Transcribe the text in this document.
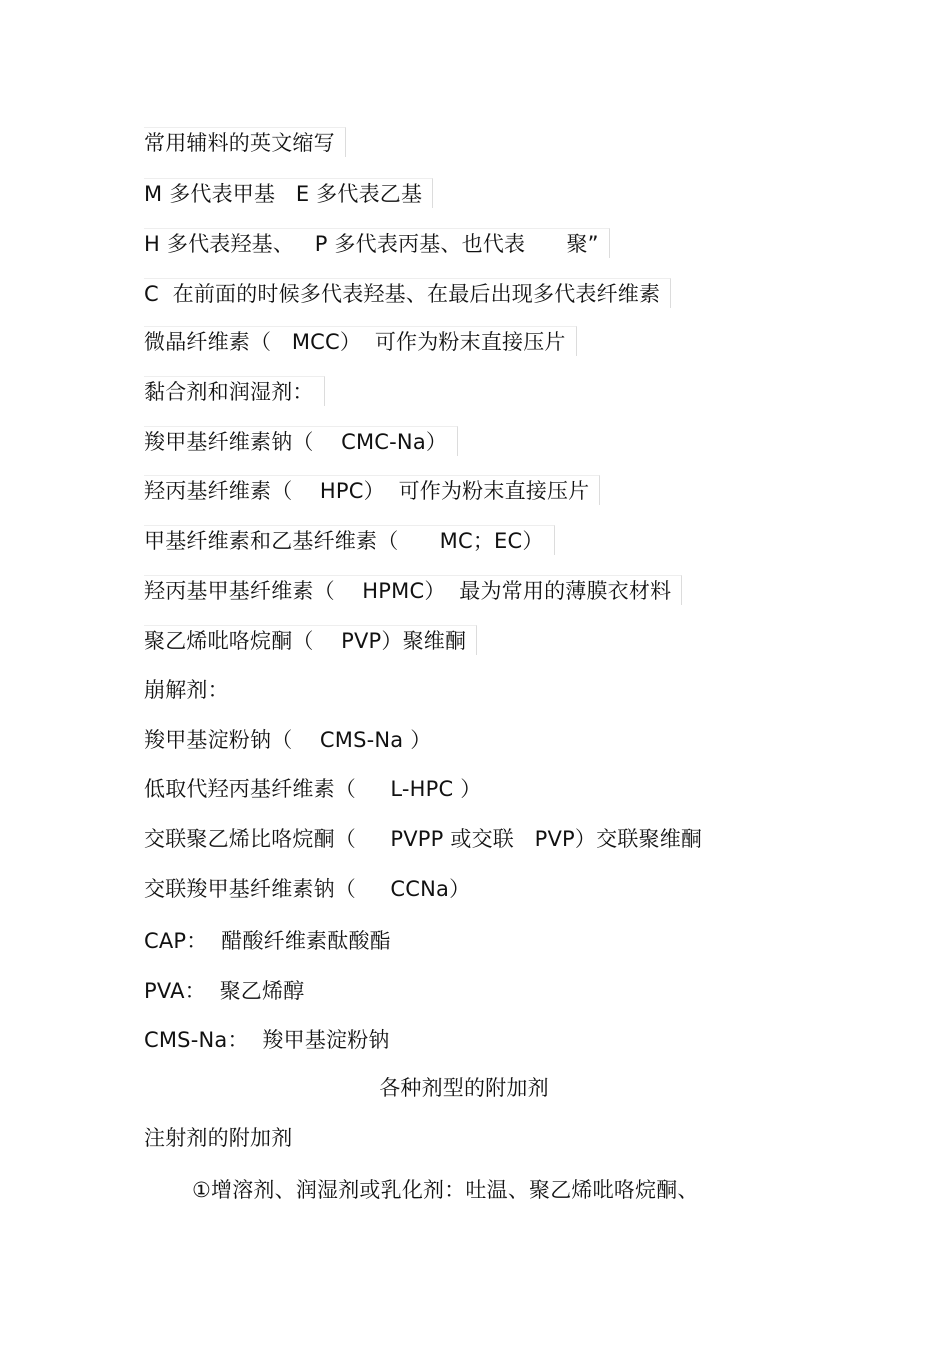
常用辅料的英文缩写
M 多代表甲基   E 多代表乙基
H 多代表羟基、   P 多代表丙基、也代表      聚”
C  在前面的时候多代表羟基、在最后出现多代表纤维素
微晶纤维素（   MCC）  可作为粉末直接压片
黏合剂和润湿剂：
羧甲基纤维素钠（    CMC-Na）
羟丙基纤维素（    HPC）  可作为粉末直接压片
甲基纤维素和乙基纤维素（      MC；EC）
羟丙基甲基纤维素（    HPMC）  最为常用的薄膜衣材料
聚乙烯吡咯烷酮（    PVP）聚维酮
崩解剂：
羧甲基淀粉钠（    CMS-Na ）
低取代羟丙基纤维素（     L-HPC ）
交联聚乙烯比咯烷酮（     PVPP 或交联   PVP）交联聚维酮
交联羧甲基纤维素钠（     CCNa）
CAP：  醋酸纤维素酞酸酯
PVA：  聚乙烯醇
CMS-Na：  羧甲基淀粉钠
各种剂型的附加剂
注射剂的附加剂
①增溶剂、润湿剂或乳化剂：吐温、聚乙烯吡咯烷酮、
